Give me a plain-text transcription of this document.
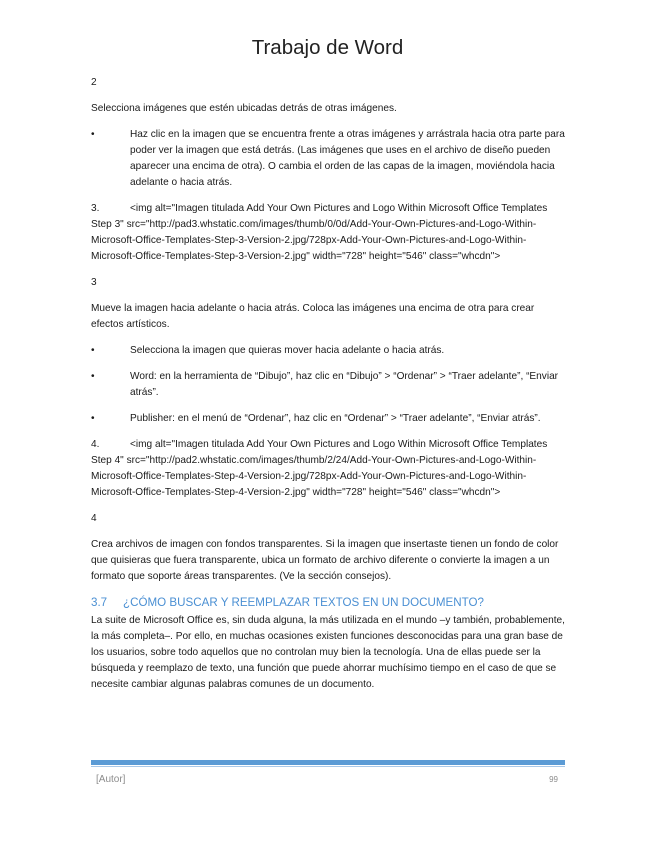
Trabajo de Word

2

Selecciona imágenes que estén ubicadas detrás de otras imágenes.

•	Haz clic en la imagen que se encuentra frente a otras imágenes y arrástrala hacia otra parte para poder ver la imagen que está detrás. (Las imágenes que uses en el archivo de diseño pueden aparecer una encima de otra). O cambia el orden de las capas de la imagen, moviéndola hacia adelante o hacia atrás.

3.	<img alt="Imagen titulada Add Your Own Pictures and Logo Within Microsoft Office Templates Step 3" src="http://pad3.whstatic.com/images/thumb/0/0d/Add-Your-Own-Pictures-and-Logo-Within-Microsoft-Office-Templates-Step-3-Version-2.jpg/728px-Add-Your-Own-Pictures-and-Logo-Within-Microsoft-Office-Templates-Step-3-Version-2.jpg" width="728" height="546" class="whcdn">

3

Mueve la imagen hacia adelante o hacia atrás. Coloca las imágenes una encima de otra para crear efectos artísticos.

•	Selecciona la imagen que quieras mover hacia adelante o hacia atrás.

•	Word: en la herramienta de “Dibujo”, haz clic en “Dibujo” > “Ordenar” > “Traer adelante”, “Enviar atrás”.

•	Publisher: en el menú de “Ordenar”, haz clic en “Ordenar” > “Traer adelante”, “Enviar atrás”.

4.	<img alt="Imagen titulada Add Your Own Pictures and Logo Within Microsoft Office Templates Step 4" src="http://pad2.whstatic.com/images/thumb/2/24/Add-Your-Own-Pictures-and-Logo-Within-Microsoft-Office-Templates-Step-4-Version-2.jpg/728px-Add-Your-Own-Pictures-and-Logo-Within-Microsoft-Office-Templates-Step-4-Version-2.jpg" width="728" height="546" class="whcdn">

4

Crea archivos de imagen con fondos transparentes. Si la imagen que insertaste tienen un fondo de color que quisieras que fuera transparente, ubica un formato de archivo diferente o convierte la imagen a un formato que soporte áreas transparentes. (Ve la sección consejos).

3.7 ¿CÓMO BUSCAR Y REEMPLAZAR TEXTOS EN UN DOCUMENTO?

La suite de Microsoft Office es, sin duda alguna, la más utilizada en el mundo –y también, probablemente, la más completa–. Por ello, en muchas ocasiones existen funciones desconocidas para una gran base de los usuarios, sobre todo aquellos que no controlan muy bien la tecnología. Una de ellas puede ser la búsqueda y reemplazo de texto, una función que puede ahorrar muchísimo tiempo en el caso de que se necesite cambiar algunas palabras comunes de un documento.

[Autor]	99
